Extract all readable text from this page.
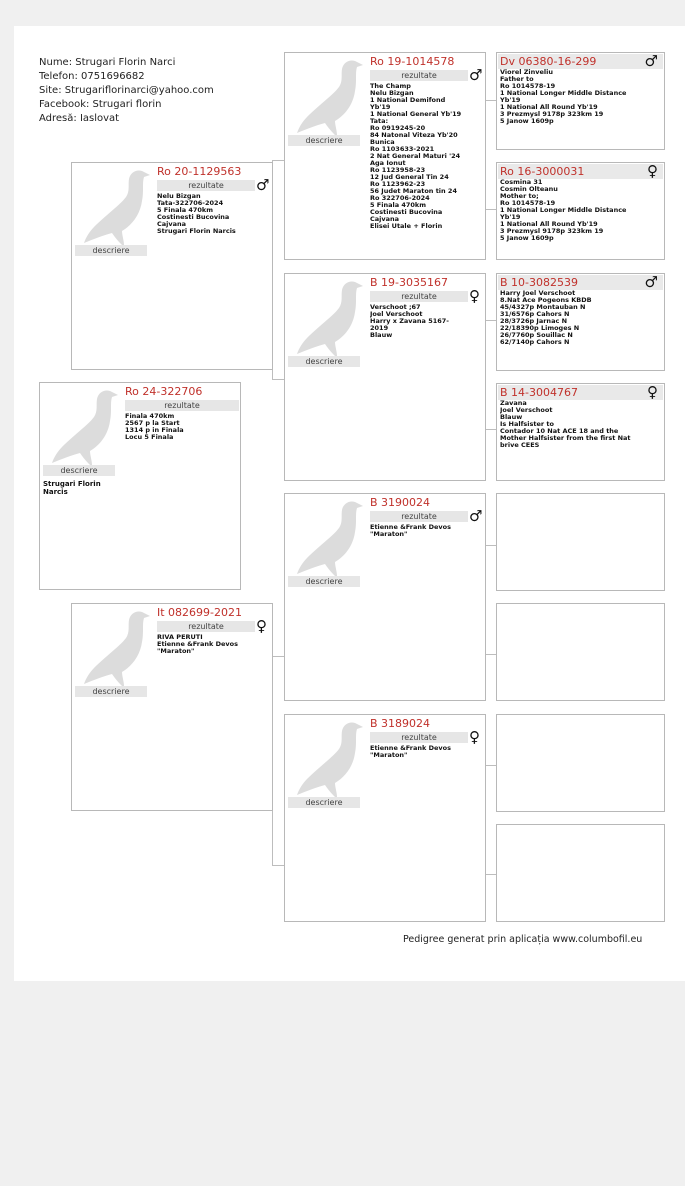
Nume: Strugari Florin Narci
Telefon: 0751696682
Site: Strugariflorinarci@yahoo.com
Facebook: Strugari florin
Adresă: Iaslovat
Ro 24-322706
rezultate
descriere
Finala 470km
2567 p la Start
1314 p in Finala
Locu 5 Finala
Strugari Florin
Narcis
Ro 20-1129563
♂
rezultate
descriere
Nelu Bizgan
Tata-322706-2024
5 Finala 470km
Costinesti Bucovina
Cajvana
Strugari Florin Narcis
It 082699-2021
♀
rezultate
descriere
RIVA PERUTI
Etienne &Frank Devos
"Maraton"
Ro 19-1014578
♂
rezultate
descriere
The Champ
Nelu Bizgan
1 National Demifond
Yb'19
1 National General Yb'19
Tata:
Ro 0919245-20
84 Natonal Viteza Yb'20
Bunica
Ro 1103633-2021
2 Nat General Maturi '24
Aga Ionut
Ro 1123958-23
12 Jud General Tin 24
Ro 1123962-23
56 Judet Maraton tin 24
Ro 322706-2024
5 Finala 470km
Costinesti Bucovina
Cajvana
Elisei Utale + Florin
B 19-3035167
♀
rezultate
descriere
Verschoot ;67
Joel Verschoot
Harry x Zavana 5167-
2019
Blauw
B 3190024
♂
rezultate
descriere
Etienne &Frank Devos
"Maraton"
B 3189024
♀
rezultate
descriere
Etienne &Frank Devos
"Maraton"
Dv 06380-16-299	♂
Viorel Zinveliu
Father to
Ro 1014578-19
1 National Longer Middle Distance
Yb'19
1 National All Round Yb'19
3 Prezmysl 9178p 323km 19
5 Janow 1609p
Ro 16-3000031	♀
Cosmina 31
Cosmin Olteanu
Mother to;
Ro 1014578-19
1 National Longer Middle Distance
Yb'19
1 National All Round Yb'19
3 Prezmysl 9178p 323km 19
5 Janow 1609p
B 10-3082539	♂
Harry Joel Verschoot
8.Nat Ace Pogeons KBDB
45/4327p Montauban N
31/6576p Cahors N
28/3726p Jarnac N
22/18390p Limoges N
26/7760p Souillac N
62/7140p Cahors N
B 14-3004767	♀
Zavana
Joel Verschoot
Blauw
Is Halfsister to
Contador 10 Nat ACE 18 and the
Mother Halfsister from the first Nat
brive CEES
Pedigree generat prin aplicația www.columbofil.eu
